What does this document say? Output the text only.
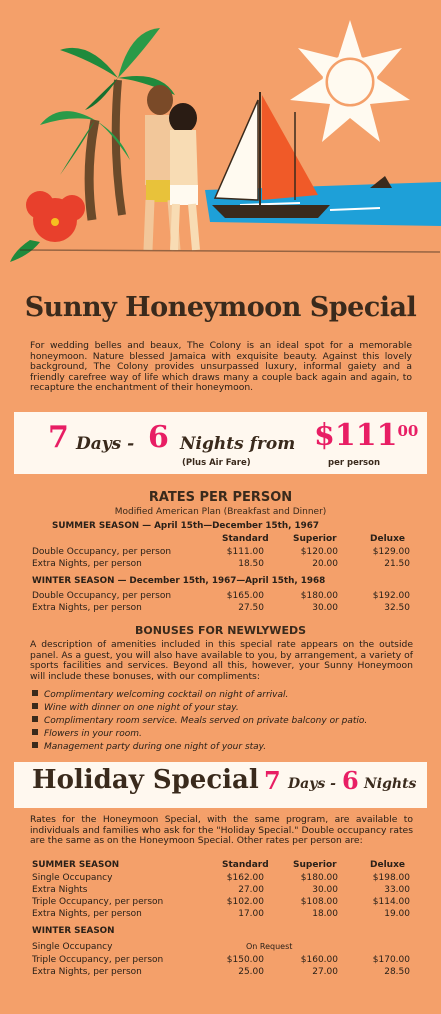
Sunny Honeymoon Special
For wedding belles and beaux, The Colony is an ideal spot for a memorable honeymoon. Nature blessed Jamaica with exquisite beauty. Against this lovely background, The Colony provides unsurpassed luxury, informal gaiety and a friendly carefree way of life which draws many a couple back again and again, to recapture the enchantment of their honeymoon.
7 Days - 6 Nights from $\$111^{00}$
(Plus Air Fare)	per person
RATES PER PERSON
Modified American Plan (Breakfast and Dinner)
SUMMER SEASON — April 15th—December 15th, 1967
Standard	Superior	Deluxe
Double Occupancy, per person	$111.00	$120.00	$129.00
Extra Nights, per person	18.50	20.00	21.50
WINTER SEASON — December 15th, 1967—April 15th, 1968
Double Occupancy, per person	$165.00	$180.00	$192.00
Extra Nights, per person	27.50	30.00	32.50
BONUSES FOR NEWLYWEDS
A description of amenities included in this special rate appears on the outside panel. As a guest, you will also have available to you, by arrangement, a variety of sports facilities and services. Beyond all this, however, your Sunny Honeymoon will include these bonuses, with our compliments:
Complimentary welcoming cocktail on night of arrival.
Wine with dinner on one night of your stay.
Complimentary room service. Meals served on private balcony or patio.
Flowers in your room.
Management party during one night of your stay.
Holiday Special 7 Days - 6 Nights
Rates for the Honeymoon Special, with the same program, are available to individuals and families who ask for the "Holiday Special." Double occupancy rates are the same as on the Honeymoon Special. Other rates per person are:
SUMMER SEASON	Standard	Superior	Deluxe
Single Occupancy	$162.00	$180.00	$198.00
Extra Nights	27.00	30.00	33.00
Triple Occupancy, per person	$102.00	$108.00	$114.00
Extra Nights, per person	17.00	18.00	19.00
WINTER SEASON
Single Occupancy	On Request
Triple Occupancy, per person	$150.00	$160.00	$170.00
Extra Nights, per person	25.00	27.00	28.50
